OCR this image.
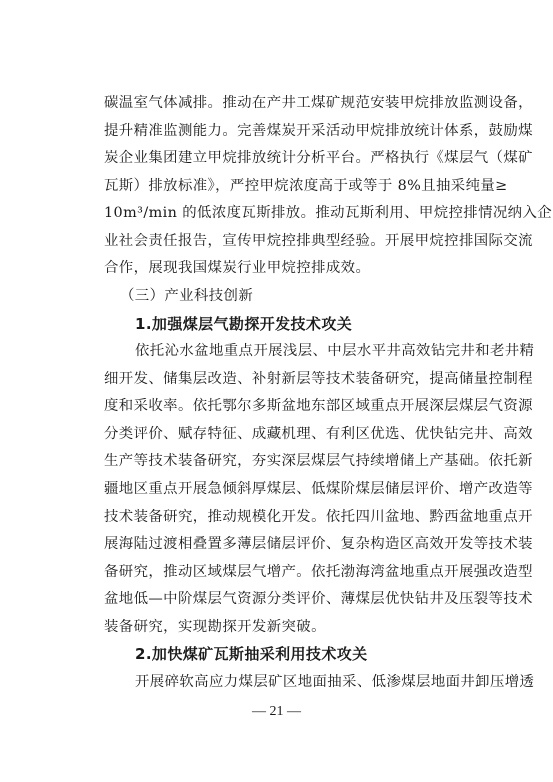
碳温室气体减排。推动在产井工煤矿规范安装甲烷排放监测设备，
提升精准监测能力。完善煤炭开采活动甲烷排放统计体系，鼓励煤
炭企业集团建立甲烷排放统计分析平台。严格执行《煤层气（煤矿
瓦斯）排放标准》，严控甲烷浓度高于或等于 8%且抽采纯量≥
10m³/min 的低浓度瓦斯排放。推动瓦斯利用、甲烷控排情况纳入企
业社会责任报告，宣传甲烷控排典型经验。开展甲烷控排国际交流
合作，展现我国煤炭行业甲烷控排成效。
（三）产业科技创新
1.加强煤层气勘探开发技术攻关
依托沁水盆地重点开展浅层、中层水平井高效钻完井和老井精
细开发、储集层改造、补射新层等技术装备研究，提高储量控制程
度和采收率。依托鄂尔多斯盆地东部区域重点开展深层煤层气资源
分类评价、赋存特征、成藏机理、有利区优选、优快钻完井、高效
生产等技术装备研究，夯实深层煤层气持续增储上产基础。依托新
疆地区重点开展急倾斜厚煤层、低煤阶煤层储层评价、增产改造等
技术装备研究，推动规模化开发。依托四川盆地、黔西盆地重点开
展海陆过渡相叠置多薄层储层评价、复杂构造区高效开发等技术装
备研究，推动区域煤层气增产。依托渤海湾盆地重点开展强改造型
盆地低—中阶煤层气资源分类评价、薄煤层优快钻井及压裂等技术
装备研究，实现勘探开发新突破。
2.加快煤矿瓦斯抽采利用技术攻关
开展碎软高应力煤层矿区地面抽采、低渗煤层地面井卸压增透
— 21 —
